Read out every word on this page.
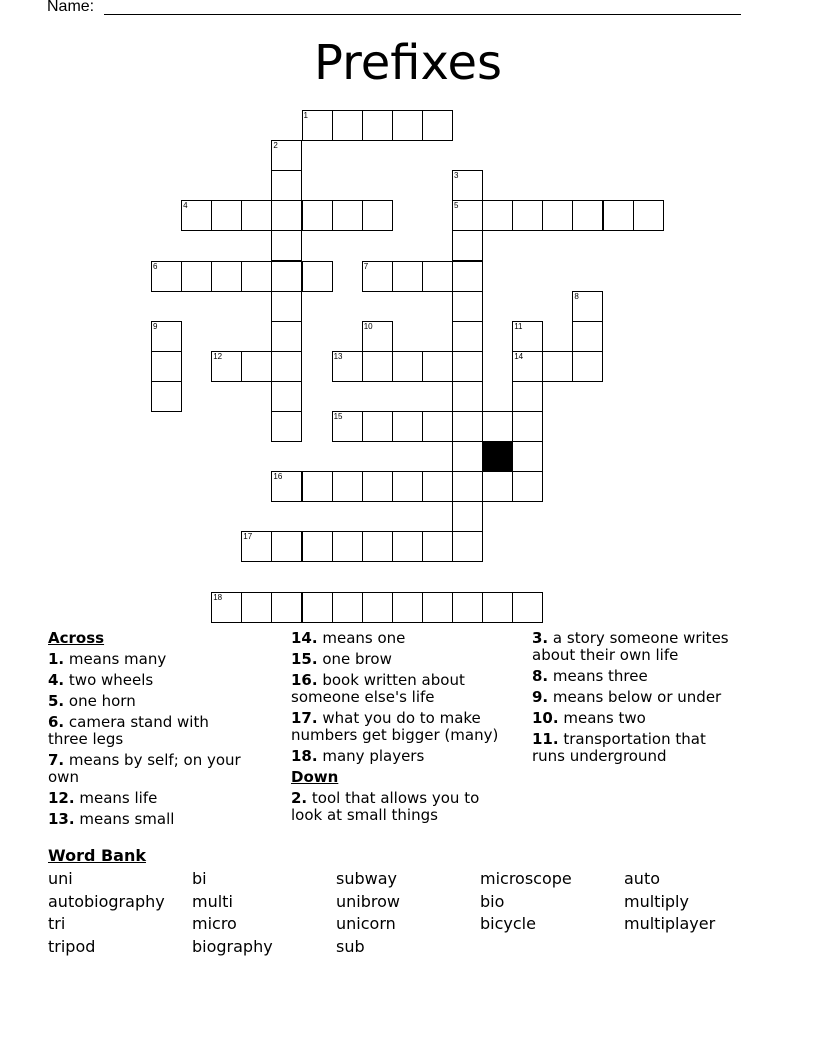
Name:
Prefixes
1
2
3
5
4
6	7
8
9	10	11
14
12	13
15
16
17
18
Across
1. means many
4. two wheels
5. one horn
6. camera stand with three legs
7. means by self; on your own
12. means life
13. means small
14. means one
15. one brow
16. book written about someone else's life
17. what you do to make numbers get bigger (many)
18. many players
Down
2. tool that allows you to look at small things
3. a story someone writes about their own life
8. means three
9. means below or under
10. means two
11. transportation that runs underground
Word Bank
uni	bi	subway	microscope	auto
autobiography	multi	unibrow	bio	multiply
tri	micro	unicorn	bicycle	multiplayer
tripod	biography	sub
